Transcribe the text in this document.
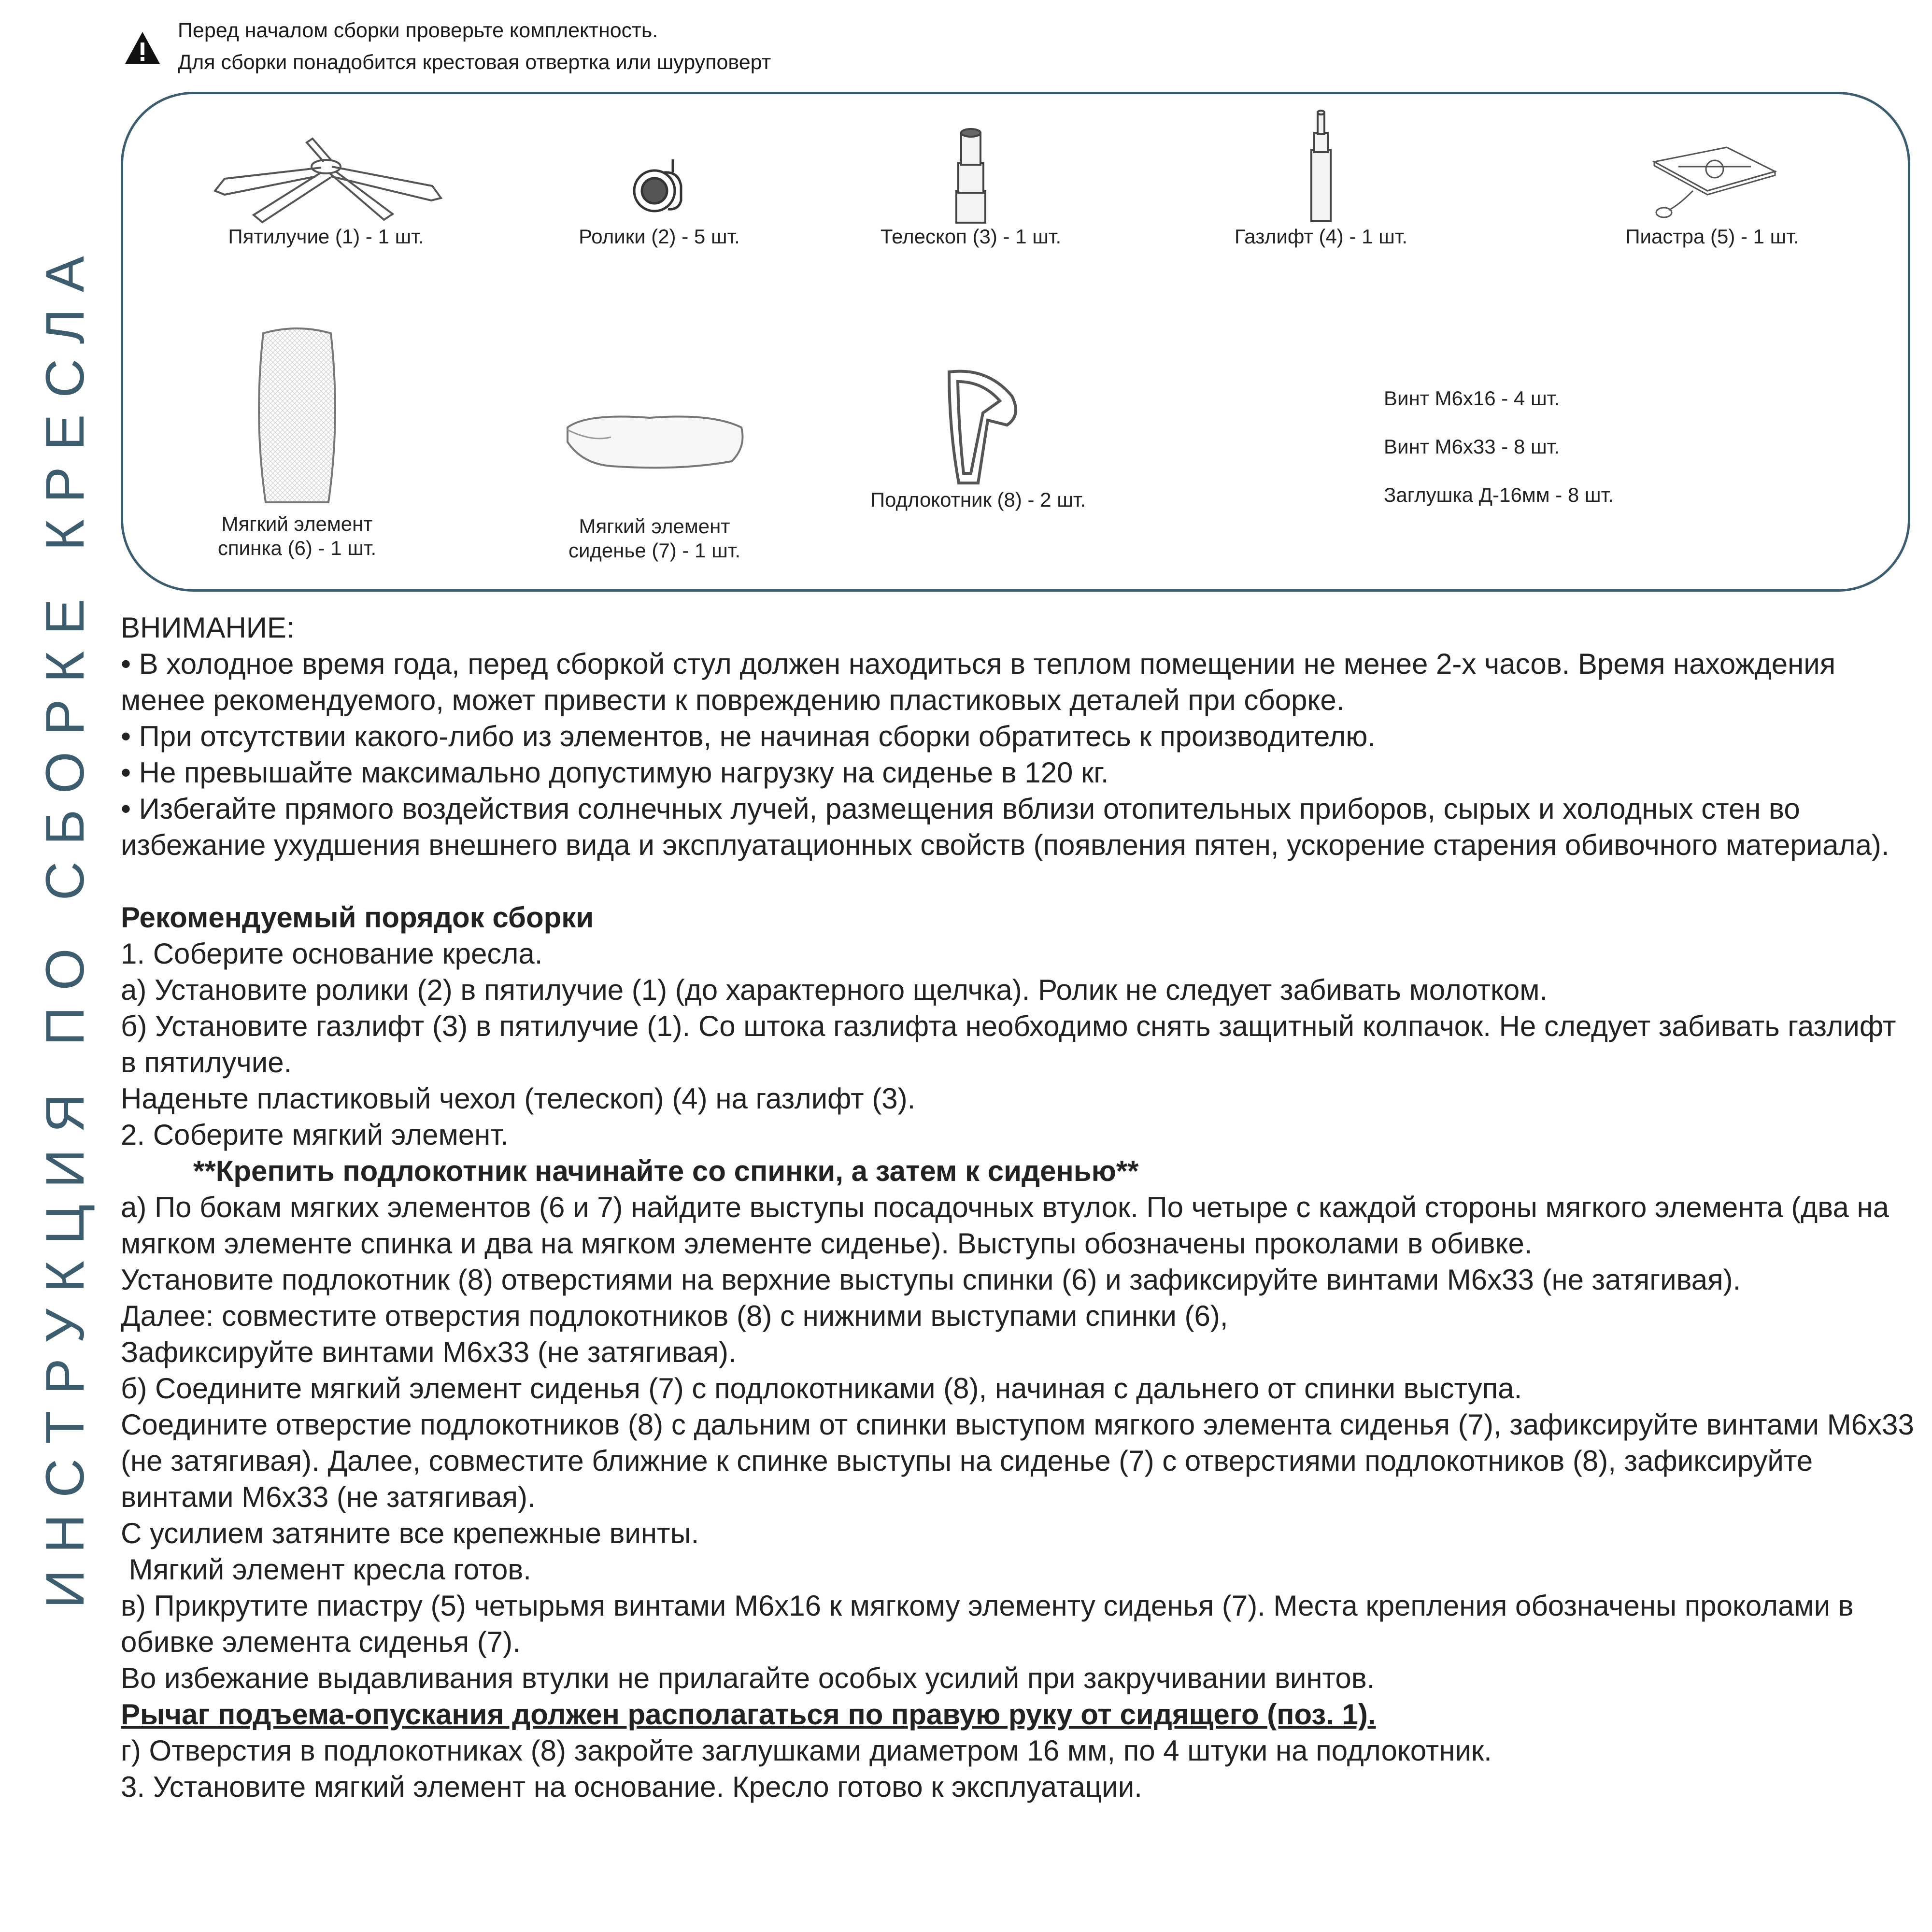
ИНСТРУКЦИЯ ПО СБОРКЕ КРЕСЛА
Перед началом сборки проверьте комплектность.
Для сборки понадобится крестовая отвертка или шуруповерт
Пятилучие (1) - 1 шт.	Ролики (2) - 5 шт.	Телескоп (3) - 1 шт.	Газлифт (4) - 1 шт.	Пиастра (5) - 1 шт.
Мягкий элемент
спинка (6) - 1 шт.
Мягкий элемент
сиденье (7) - 1 шт.
Подлокотник (8) - 2 шт.
Винт М6х16 - 4 шт.
Винт М6х33 - 8 шт.
Заглушка Д-16мм - 8 шт.

ВНИМАНИЕ:

• В холодное время года, перед сборкой стул должен находиться в теплом помещении не менее 2-х часов. Время нахождения менее рекомендуемого, может привести к повреждению пластиковых деталей при сборке.

• При отсутствии какого-либо из элементов, не начиная сборки обратитесь к производителю.

• Не превышайте максимально допустимую нагрузку на сиденье в 120 кг.

• Избегайте прямого воздействия солнечных лучей, размещения вблизи отопительных приборов, сырых и холодных стен во избежание ухудшения внешнего вида и эксплуатационных свойств (появления пятен, ускорение старения обивочного материала).

Рекомендуемый порядок сборки

1. Соберите основание кресла.

а) Установите ролики (2) в пятилучие (1) (до характерного щелчка). Ролик не следует забивать молотком.

б) Установите газлифт (3) в пятилучие (1). Со штока газлифта необходимо снять защитный колпачок. Не следует забивать газлифт в пятилучие.

Наденьте пластиковый чехол (телескоп) (4) на газлифт (3).

2. Соберите мягкий элемент.

**Крепить подлокотник начинайте со спинки, а затем к сиденью**

а) По бокам мягких элементов (6 и 7) найдите выступы посадочных втулок. По четыре с каждой стороны мягкого элемента (два на мягком элементе спинка и два на мягком элементе сиденье). Выступы обозначены проколами в обивке.

Установите подлокотник (8) отверстиями на верхние выступы спинки (6) и зафиксируйте винтами М6х33 (не затягивая).

Далее: совместите отверстия подлокотников (8) с нижними выступами спинки (6),

Зафиксируйте винтами М6х33 (не затягивая).

б) Соедините мягкий элемент сиденья (7) с подлокотниками (8), начиная с дальнего от спинки выступа.

Соедините отверстие подлокотников (8) с дальним от спинки выступом мягкого элемента сиденья (7), зафиксируйте винтами М6х33 (не затягивая). Далее, совместите ближние к спинке выступы на сиденье (7) с отверстиями подлокотников (8), зафиксируйте винтами М6х33 (не затягивая).

С усилием затяните все крепежные винты.

Мягкий элемент кресла готов.

в) Прикрутите пиастру (5) четырьмя винтами М6х16 к мягкому элементу сиденья (7). Места крепления обозначены проколами в обивке элемента сиденья (7).

Во избежание выдавливания втулки не прилагайте особых усилий при закручивании винтов.

Рычаг подъема-опускания должен располагаться по правую руку от сидящего (поз. 1).

г) Отверстия в подлокотниках (8) закройте заглушками диаметром 16 мм, по 4 штуки на подлокотник.

3. Установите мягкий элемент на основание. Кресло готово к эксплуатации.
